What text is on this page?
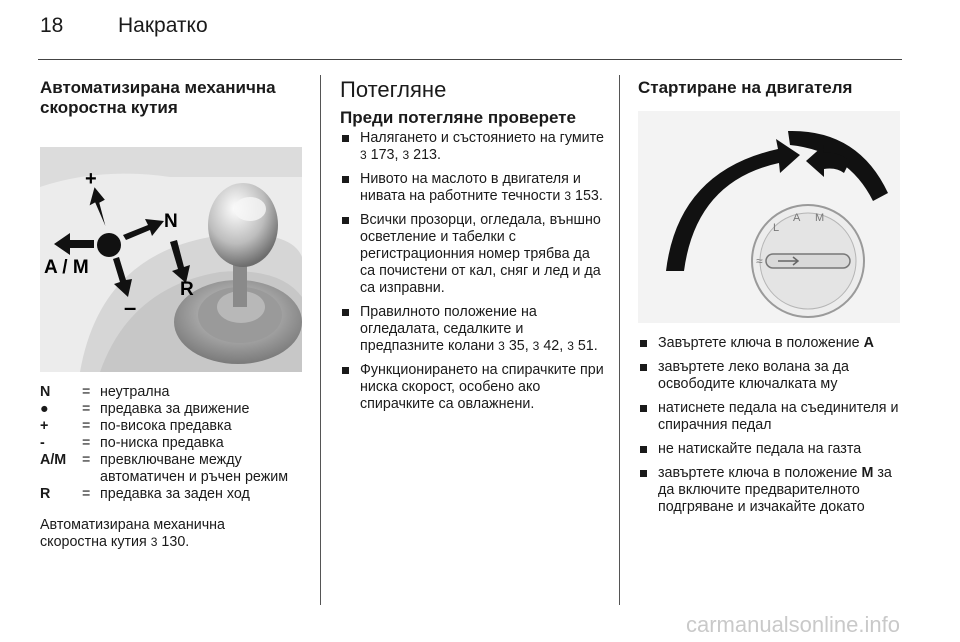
18	Накратко
Автоматизирана механична
скоростна кутия
+
N
A / M
–
R
N	= неутрална
●	= предавка за движение
+	= по-висока предавка
-	= по-ниска предавка
A/M	= превключване между автоматичен и ръчен режим
R	= предавка за заден ход
Автоматизирана механична
скоростна кутия 3 130.
Потегляне
Преди потегляне проверете
Налягането и състоянието на гумите 3 173, 3 213.
Нивото на маслото в двигателя и нивата на работните течности 3 153.
Всички прозорци, огледала, външно осветление и табелки с регистрационния номер трябва да са почистени от кал, сняг и лед и да са изправни.
Правилното положение на огледалата, седалките и предпазните колани 3 35, 3 42, 3 51.
Функционирането на спирачките при ниска скорост, особено ако спирачките са овлажнени.
Стартиране на двигателя
L
A M
≈
Завъртете ключа в положение A
завъртете леко волана за да освободите ключалката му
натиснете педала на съединителя и спирачния педал
не натискайте педала на газта
завъртете ключа в положение M за да включите предварителното подгряване и изчакайте докато
carmanualsonline.info
